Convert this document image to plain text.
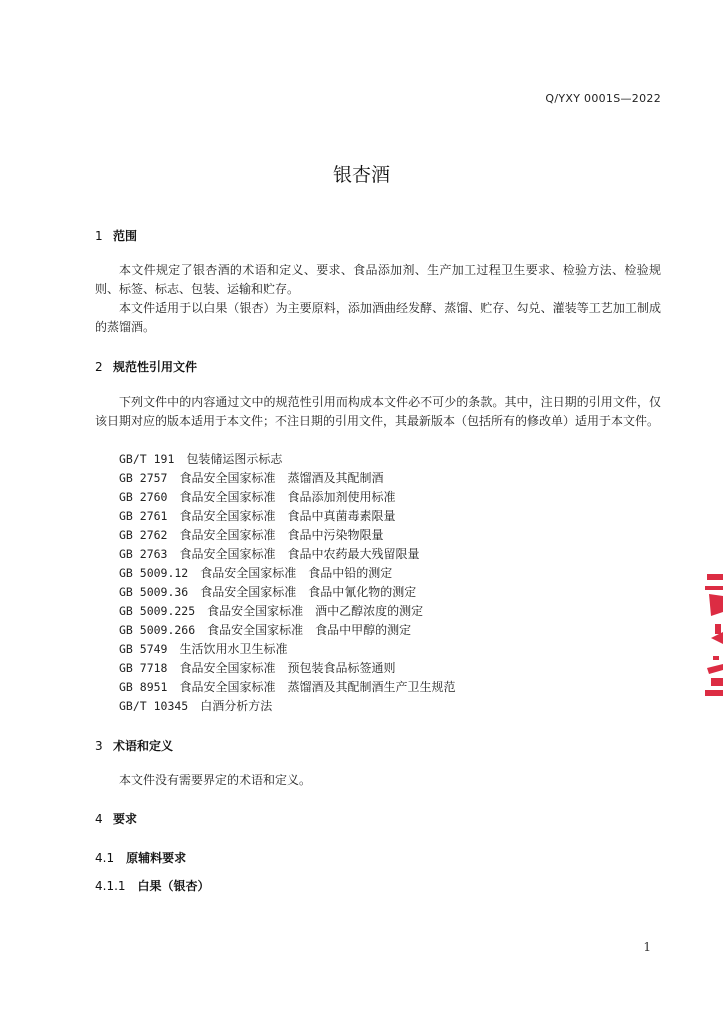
Q/YXY 0001S—2022
银杏酒
1 范围
本文件规定了银杏酒的术语和定义、要求、食品添加剂、生产加工过程卫生要求、检验方法、检验规则、标签、标志、包装、运输和贮存。
本文件适用于以白果（银杏）为主要原料，添加酒曲经发酵、蒸馏、贮存、勾兑、灌装等工艺加工制成的蒸馏酒。
2 规范性引用文件
下列文件中的内容通过文中的规范性引用而构成本文件必不可少的条款。其中，注日期的引用文件，仅该日期对应的版本适用于本文件；不注日期的引用文件，其最新版本（包括所有的修改单）适用于本文件。
GB/T 191 包装储运图示标志
GB 2757 食品安全国家标准　蒸馏酒及其配制酒
GB 2760 食品安全国家标准　食品添加剂使用标准
GB 2761 食品安全国家标准　食品中真菌毒素限量
GB 2762 食品安全国家标准　食品中污染物限量
GB 2763 食品安全国家标准　食品中农药最大残留限量
GB 5009.12 食品安全国家标准　食品中铅的测定
GB 5009.36 食品安全国家标准　食品中氰化物的测定
GB 5009.225 食品安全国家标准　酒中乙醇浓度的测定
GB 5009.266 食品安全国家标准　食品中甲醇的测定
GB 5749 生活饮用水卫生标准
GB 7718 食品安全国家标准　预包装食品标签通则
GB 8951 食品安全国家标准　蒸馏酒及其配制酒生产卫生规范
GB/T 10345 白酒分析方法
3 术语和定义
本文件没有需要界定的术语和定义。
4 要求
4.1 原辅料要求
4.1.1 白果（银杏）
1
